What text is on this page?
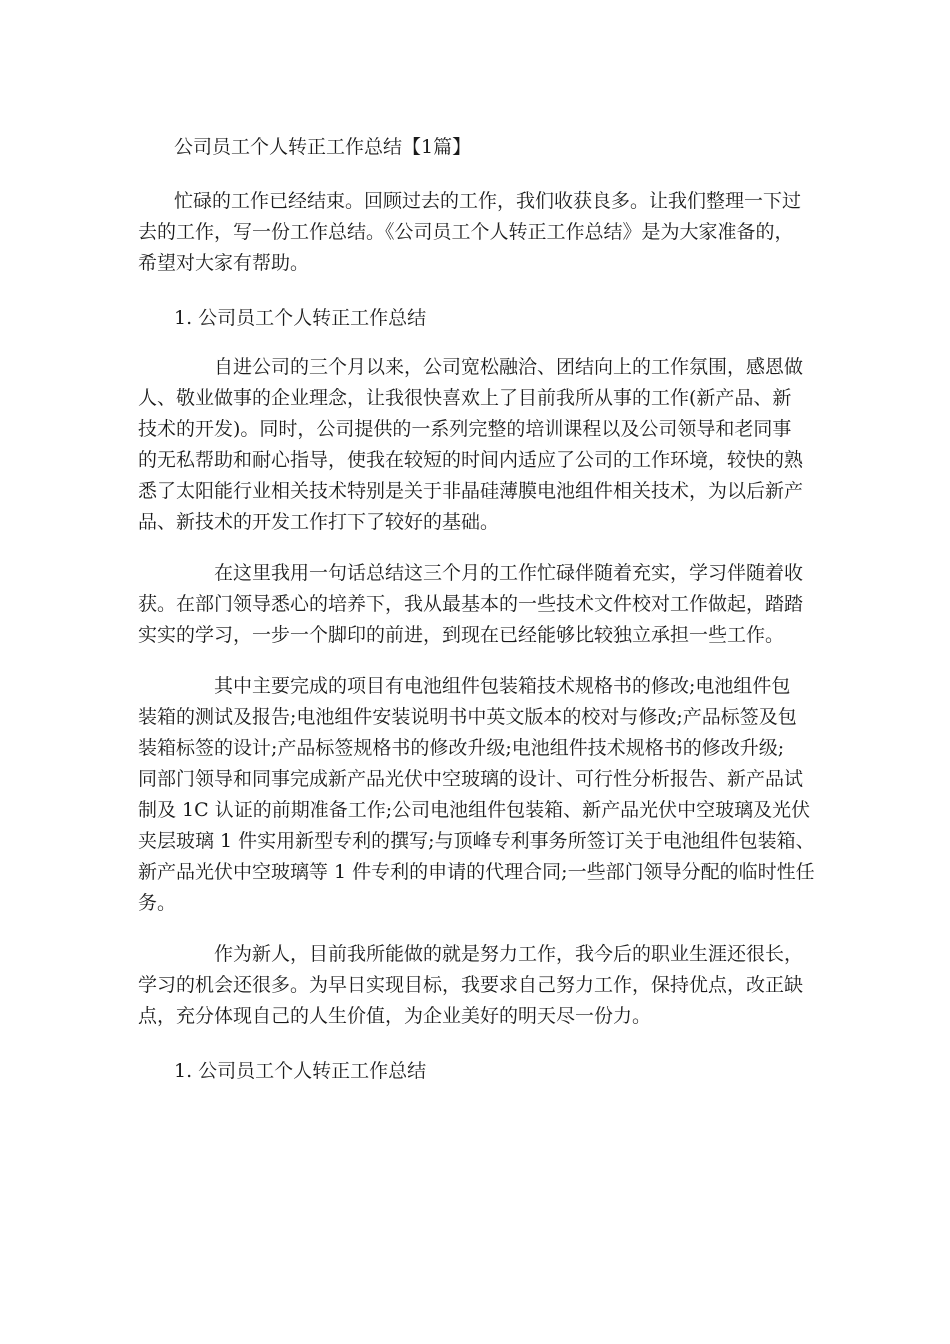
公司员工个人转正工作总结【1篇】

忙碌的工作已经结束。回顾过去的工作，我们收获良多。让我们整理一下过

去的工作，写一份工作总结。《公司员工个人转正工作总结》是为大家准备的，

希望对大家有帮助。

1. 公司员工个人转正工作总结

自进公司的三个月以来，公司宽松融洽、团结向上的工作氛围，感恩做

人、敬业做事的企业理念，让我很快喜欢上了目前我所从事的工作(新产品、新

技术的开发)。同时，公司提供的一系列完整的培训课程以及公司领导和老同事

的无私帮助和耐心指导，使我在较短的时间内适应了公司的工作环境，较快的熟

悉了太阳能行业相关技术特别是关于非晶硅薄膜电池组件相关技术，为以后新产

品、新技术的开发工作打下了较好的基础。

在这里我用一句话总结这三个月的工作忙碌伴随着充实，学习伴随着收

获。在部门领导悉心的培养下，我从最基本的一些技术文件校对工作做起，踏踏

实实的学习，一步一个脚印的前进，到现在已经能够比较独立承担一些工作。

其中主要完成的项目有电池组件包装箱技术规格书的修改;电池组件包

装箱的测试及报告;电池组件安装说明书中英文版本的校对与修改;产品标签及包

装箱标签的设计;产品标签规格书的修改升级;电池组件技术规格书的修改升级;

同部门领导和同事完成新产品光伏中空玻璃的设计、可行性分析报告、新产品试

制及 1C 认证的前期准备工作;公司电池组件包装箱、新产品光伏中空玻璃及光伏

夹层玻璃 1 件实用新型专利的撰写;与顶峰专利事务所签订关于电池组件包装箱、

新产品光伏中空玻璃等 1 件专利的申请的代理合同;一些部门领导分配的临时性任

务。

作为新人，目前我所能做的就是努力工作，我今后的职业生涯还很长，

学习的机会还很多。为早日实现目标，我要求自己努力工作，保持优点，改正缺

点，充分体现自己的人生价值，为企业美好的明天尽一份力。

1. 公司员工个人转正工作总结
